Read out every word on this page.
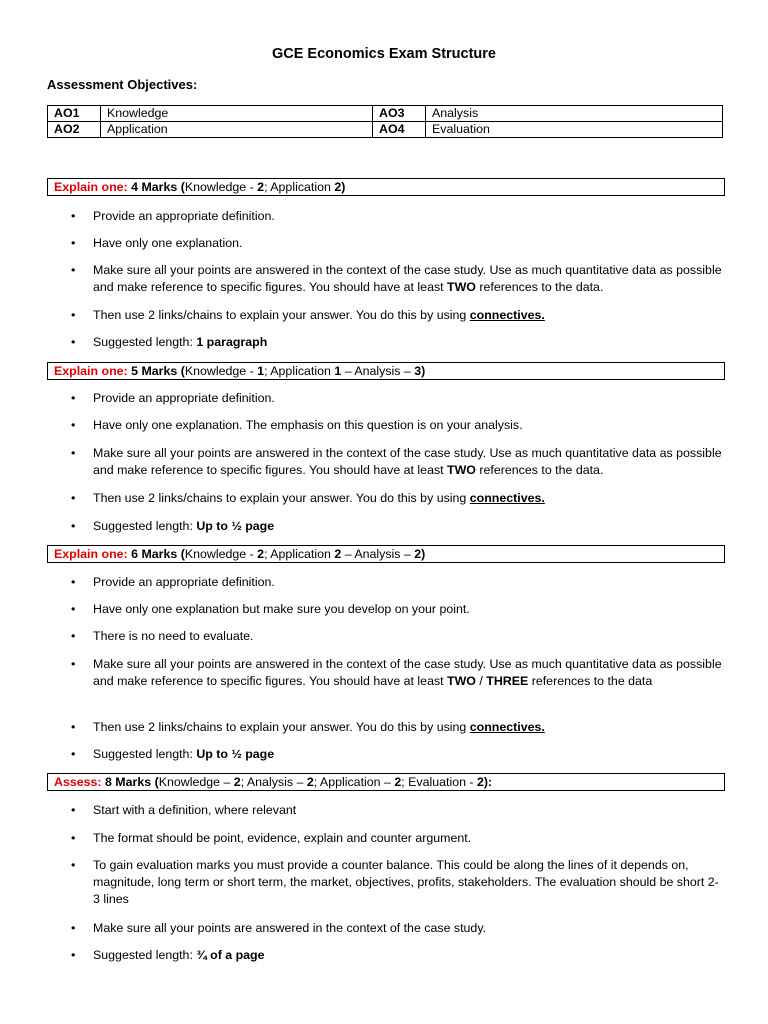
GCE Economics Exam Structure
Assessment Objectives:
AO1	Knowledge	AO3	Analysis
AO2	Application	AO4	Evaluation
Explain one: 4 Marks (Knowledge - 2; Application 2)
• Provide an appropriate definition.
• Have only one explanation.
• Make sure all your points are answered in the context of the case study. Use as much quantitative data as possible and make reference to specific figures. You should have at least TWO references to the data.
• Then use 2 links/chains to explain your answer. You do this by using connectives.
• Suggested length: 1 paragraph
Explain one: 5 Marks (Knowledge - 1; Application 1 – Analysis – 3)
• Provide an appropriate definition.
• Have only one explanation. The emphasis on this question is on your analysis.
• Make sure all your points are answered in the context of the case study. Use as much quantitative data as possible and make reference to specific figures. You should have at least TWO references to the data.
• Then use 2 links/chains to explain your answer. You do this by using connectives.
• Suggested length: Up to ½ page
Explain one: 6 Marks (Knowledge - 2; Application 2 – Analysis – 2)
• Provide an appropriate definition.
• Have only one explanation but make sure you develop on your point.
• There is no need to evaluate.
• Make sure all your points are answered in the context of the case study. Use as much quantitative data as possible and make reference to specific figures. You should have at least TWO / THREE references to the data
• Then use 2 links/chains to explain your answer. You do this by using connectives.
• Suggested length: Up to ½ page
Assess: 8 Marks (Knowledge – 2; Analysis – 2; Application – 2; Evaluation - 2):
• Start with a definition, where relevant
• The format should be point, evidence, explain and counter argument.
• To gain evaluation marks you must provide a counter balance. This could be along the lines of it depends on, magnitude, long term or short term, the market, objectives, profits, stakeholders. The evaluation should be short 2-3 lines
• Make sure all your points are answered in the context of the case study.
• Suggested length: ¾ of a page
